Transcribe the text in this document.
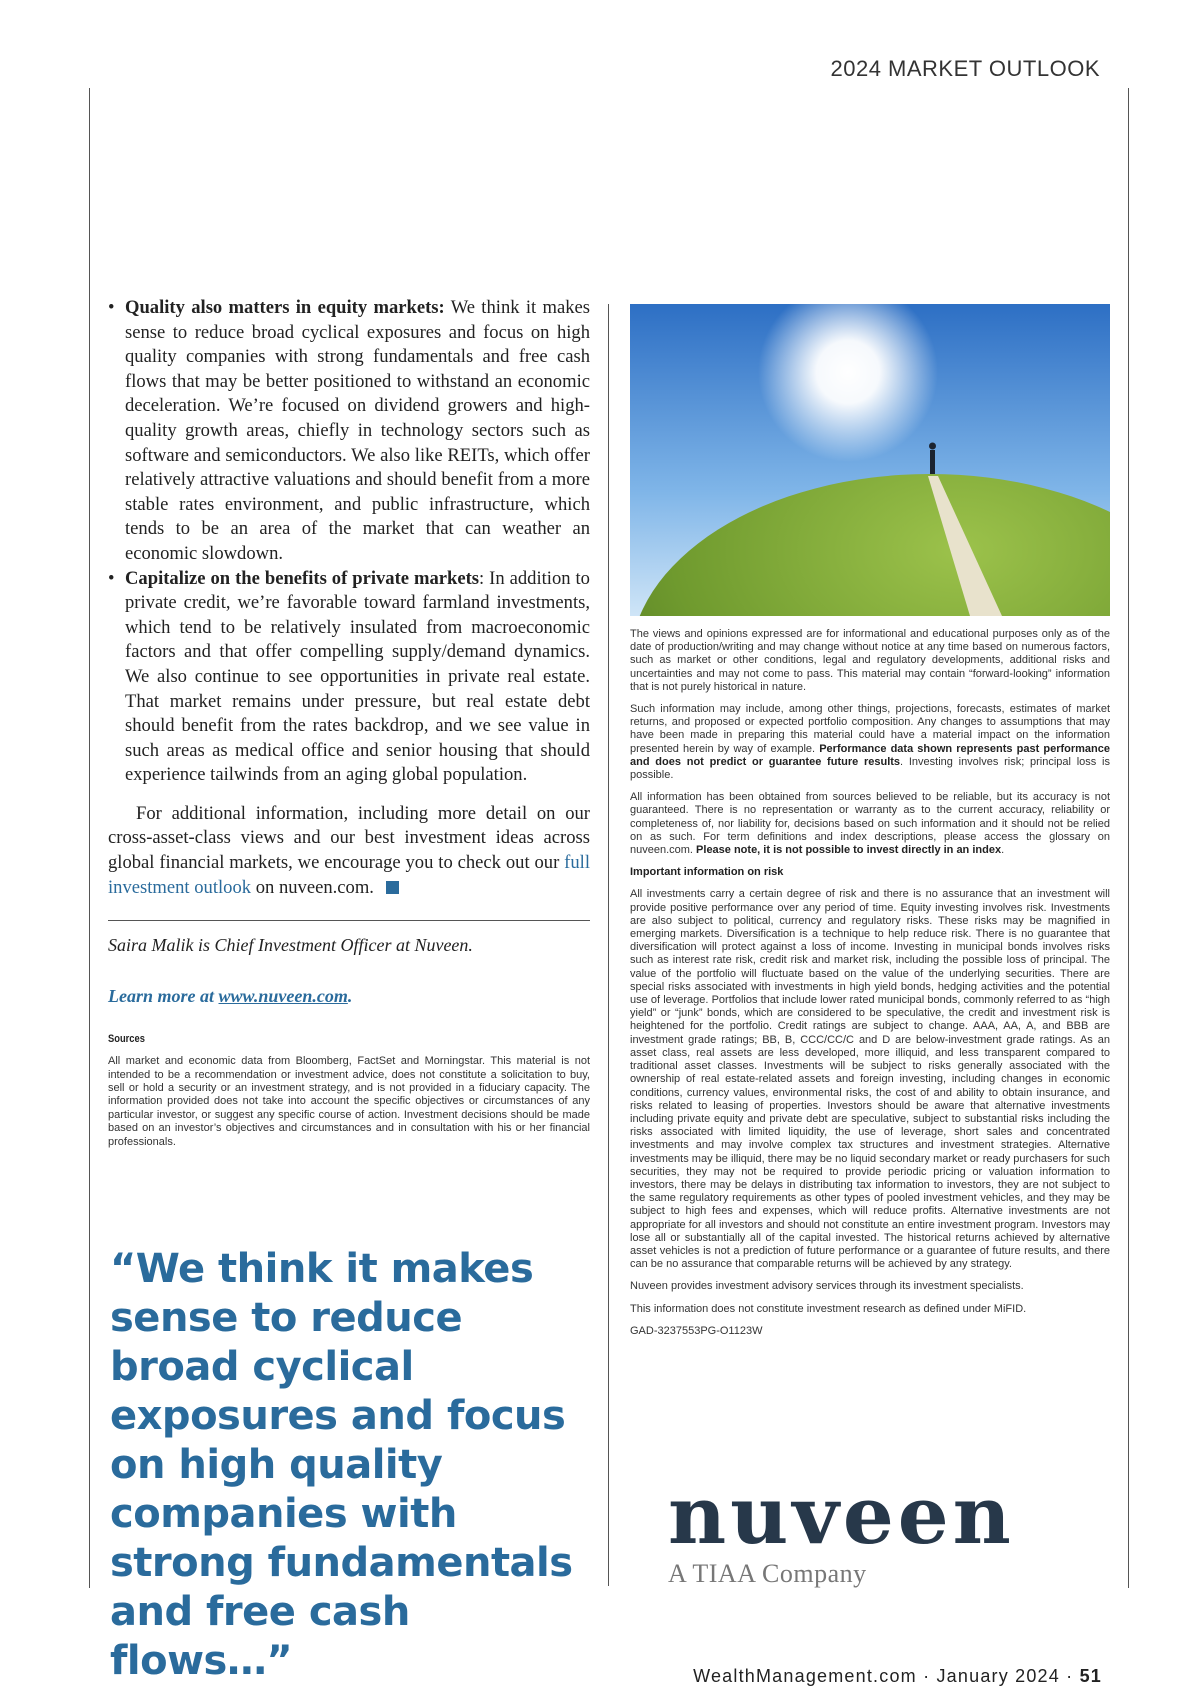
2024 MARKET OUTLOOK
• Quality also matters in equity markets: We think it makes sense to reduce broad cyclical exposures and focus on high quality companies with strong fundamentals and free cash flows that may be better positioned to withstand an economic deceleration. We’re focused on dividend growers and high-quality growth areas, chiefly in technology sectors such as software and semiconductors. We also like REITs, which offer relatively attractive valuations and should benefit from a more stable rates environment, and public infrastructure, which tends to be an area of the market that can weather an economic slowdown.
• Capitalize on the benefits of private markets: In addition to private credit, we’re favorable toward farmland investments, which tend to be relatively insulated from macroeconomic factors and that offer compelling supply/demand dynamics. We also continue to see opportunities in private real estate. That market remains under pressure, but real estate debt should benefit from the rates backdrop, and we see value in such areas as medical office and senior housing that should experience tailwinds from an aging global population.

For additional information, including more detail on our cross-asset-class views and our best investment ideas across global financial markets, we encourage you to check out our full investment outlook on nuveen.com.

Saira Malik is Chief Investment Officer at Nuveen.

Learn more at www.nuveen.com.

Sources

All market and economic data from Bloomberg, FactSet and Morningstar. This material is not intended to be a recommendation or investment advice, does not constitute a solicitation to buy, sell or hold a security or an investment strategy, and is not provided in a fiduciary capacity. The information provided does not take into account the specific objectives or circumstances of any particular investor, or suggest any specific course of action. Investment decisions should be made based on an investor’s objectives and circumstances and in consultation with his or her financial professionals.

“We think it makes sense to reduce broad cyclical exposures and focus on high quality companies with strong fundamentals and free cash flows…”

The views and opinions expressed are for informational and educational purposes only as of the date of production/writing and may change without notice at any time based on numerous factors, such as market or other conditions, legal and regulatory developments, additional risks and uncertainties and may not come to pass. This material may contain “forward-looking” information that is not purely historical in nature.

Such information may include, among other things, projections, forecasts, estimates of market returns, and proposed or expected portfolio composition. Any changes to assumptions that may have been made in preparing this material could have a material impact on the information presented herein by way of example. Performance data shown represents past performance and does not predict or guarantee future results. Investing involves risk; principal loss is possible.

All information has been obtained from sources believed to be reliable, but its accuracy is not guaranteed. There is no representation or warranty as to the current accuracy, reliability or completeness of, nor liability for, decisions based on such information and it should not be relied on as such. For term definitions and index descriptions, please access the glossary on nuveen.com. Please note, it is not possible to invest directly in an index.

Important information on risk

All investments carry a certain degree of risk and there is no assurance that an investment will provide positive performance over any period of time. Equity investing involves risk. Investments are also subject to political, currency and regulatory risks. These risks may be magnified in emerging markets. Diversification is a technique to help reduce risk. There is no guarantee that diversification will protect against a loss of income. Investing in municipal bonds involves risks such as interest rate risk, credit risk and market risk, including the possible loss of principal. The value of the portfolio will fluctuate based on the value of the underlying securities. There are special risks associated with investments in high yield bonds, hedging activities and the potential use of leverage. Portfolios that include lower rated municipal bonds, commonly referred to as “high yield” or “junk” bonds, which are considered to be speculative, the credit and investment risk is heightened for the portfolio. Credit ratings are subject to change. AAA, AA, A, and BBB are investment grade ratings; BB, B, CCC/CC/C and D are below-investment grade ratings. As an asset class, real assets are less developed, more illiquid, and less transparent compared to traditional asset classes. Investments will be subject to risks generally associated with the ownership of real estate-related assets and foreign investing, including changes in economic conditions, currency values, environmental risks, the cost of and ability to obtain insurance, and risks related to leasing of properties. Investors should be aware that alternative investments including private equity and private debt are speculative, subject to substantial risks including the risks associated with limited liquidity, the use of leverage, short sales and concentrated investments and may involve complex tax structures and investment strategies. Alternative investments may be illiquid, there may be no liquid secondary market or ready purchasers for such securities, they may not be required to provide periodic pricing or valuation information to investors, there may be delays in distributing tax information to investors, they are not subject to the same regulatory requirements as other types of pooled investment vehicles, and they may be subject to high fees and expenses, which will reduce profits. Alternative investments are not appropriate for all investors and should not constitute an entire investment program. Investors may lose all or substantially all of the capital invested. The historical returns achieved by alternative asset vehicles is not a prediction of future performance or a guarantee of future results, and there can be no assurance that comparable returns will be achieved by any strategy.

Nuveen provides investment advisory services through its investment specialists.

This information does not constitute investment research as defined under MiFID.

GAD-3237553PG-O1123W

nuveen
A TIAA Company
WealthManagement.com · January 2024 · 51
